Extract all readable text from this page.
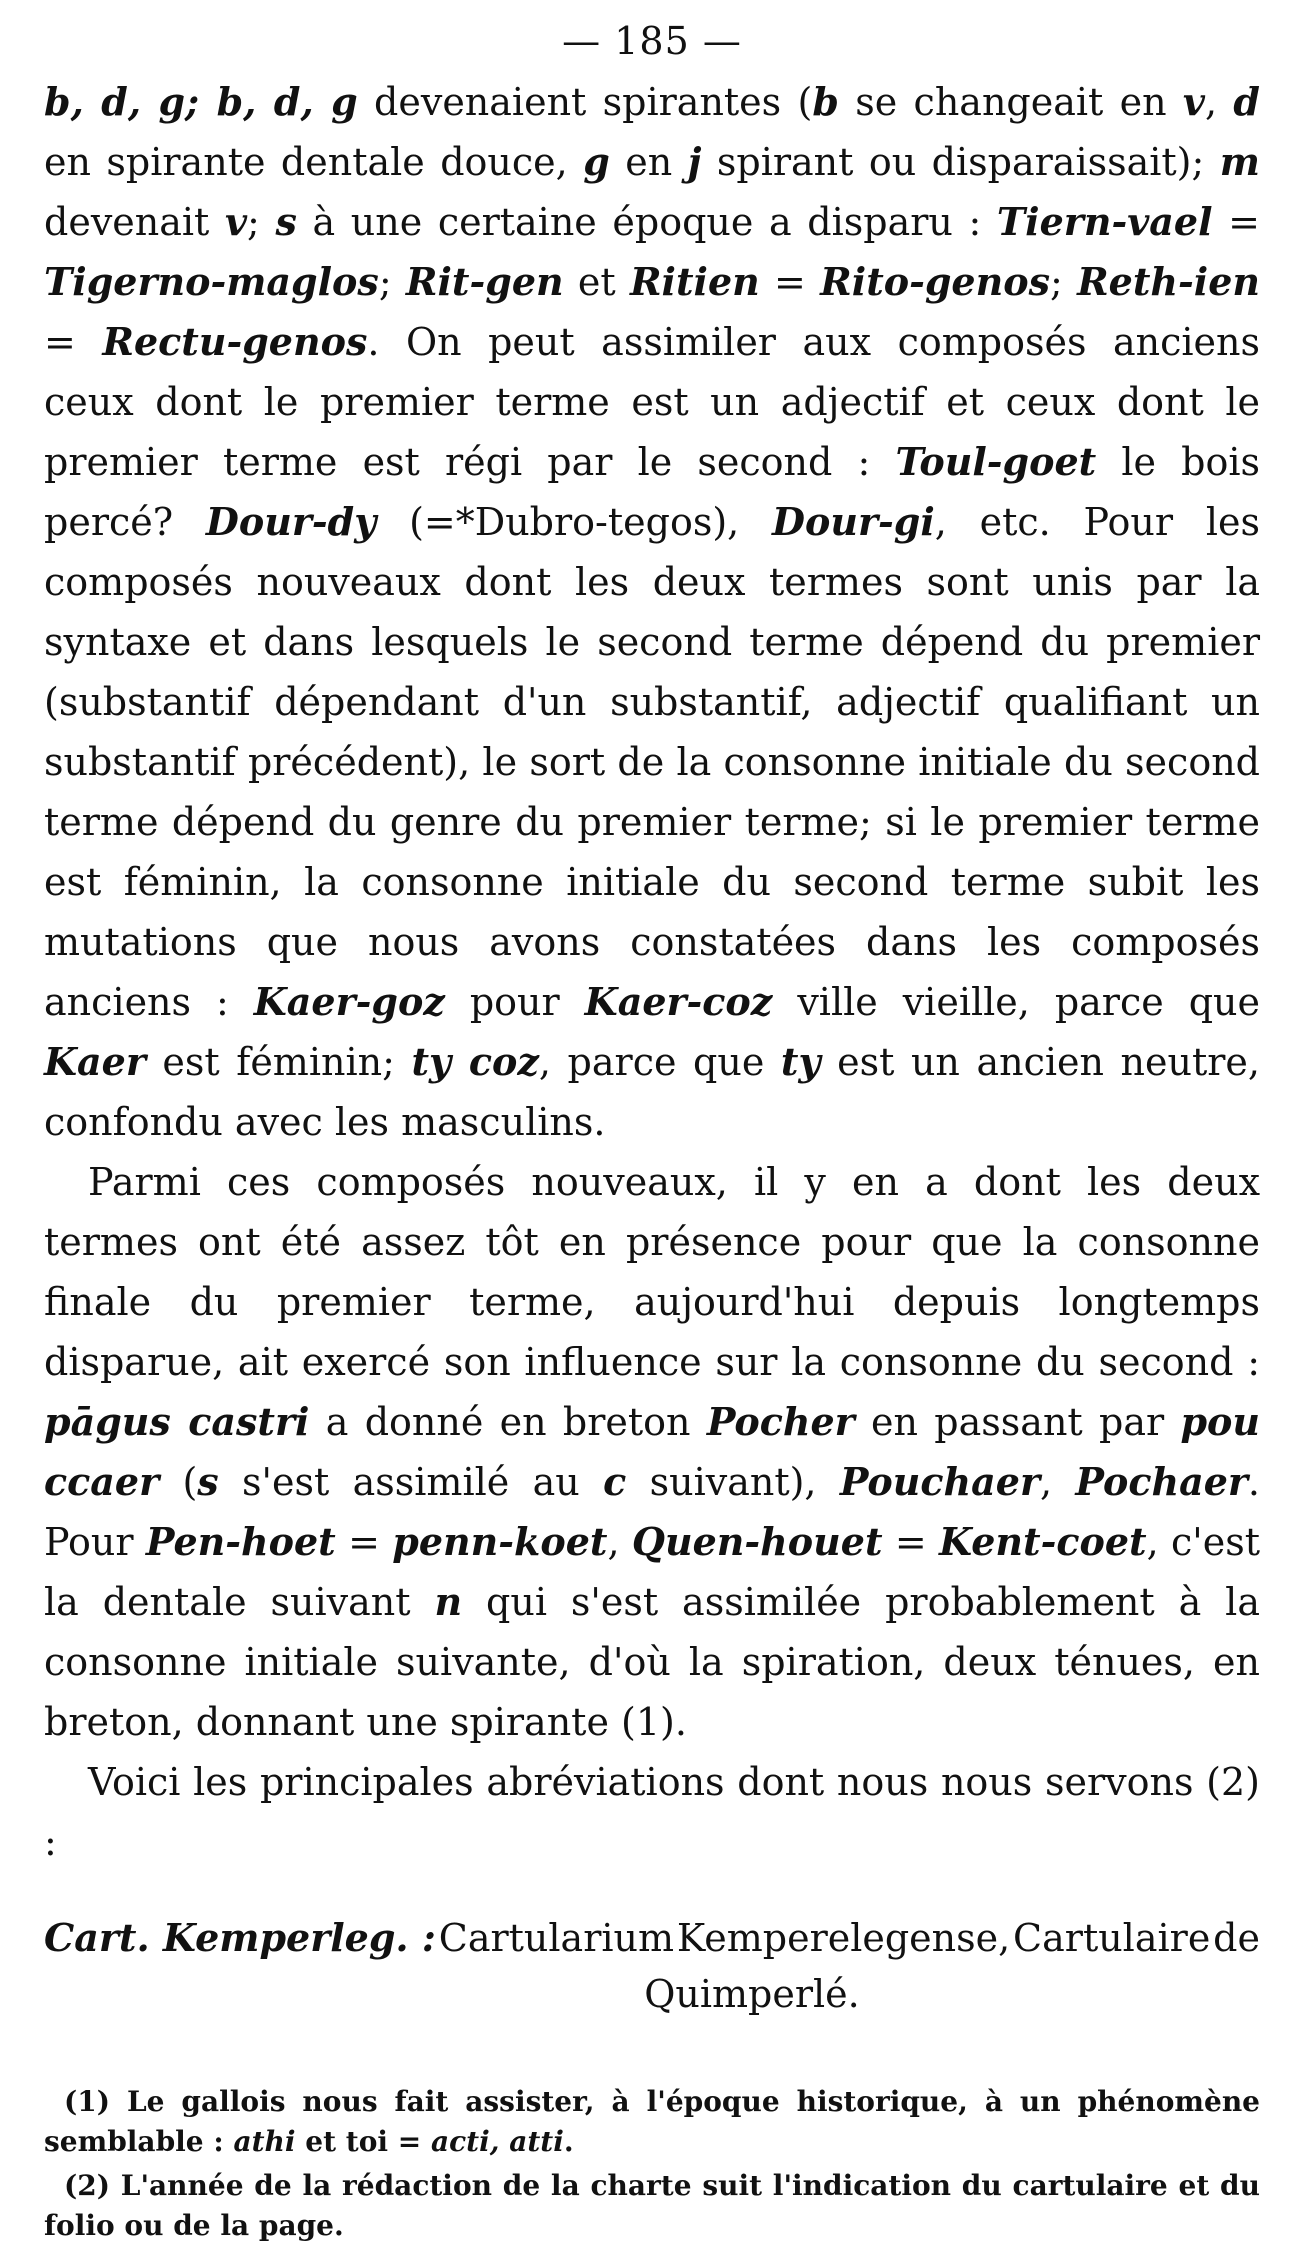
— 185 —

b, d, g; b, d, g devenaient spirantes (b se changeait en v, d en spirante dentale douce, g en j spirant ou disparaissait); m devenait v; s à une certaine époque a disparu : Tiern-vael = Tigerno-maglos; Rit-gen et Ritien = Rito-genos; Reth-ien = Rectu-genos. On peut assimiler aux composés anciens ceux dont le premier terme est un adjectif et ceux dont le premier terme est régi par le second : Toul-goet le bois percé? Dour-dy (=*Dubro-tegos), Dour-gi, etc. Pour les composés nouveaux dont les deux termes sont unis par la syntaxe et dans lesquels le second terme dépend du premier (substantif dépendant d'un substantif, adjectif qualifiant un substantif précédent), le sort de la consonne initiale du second terme dépend du genre du premier terme; si le premier terme est féminin, la consonne initiale du second terme subit les mutations que nous avons constatées dans les composés anciens : Kaer-goz pour Kaer-coz ville vieille, parce que Kaer est féminin; ty coz, parce que ty est un ancien neutre, confondu avec les masculins.

Parmi ces composés nouveaux, il y en a dont les deux termes ont été assez tôt en présence pour que la consonne finale du premier terme, aujourd'hui depuis longtemps disparue, ait exercé son influence sur la consonne du second : pāgus castri a donné en breton Pocher en passant par pou ccaer (s s'est assimilé au c suivant), Pouchaer, Pochaer. Pour Pen-hoet = penn-koet, Quen-houet = Kent-coet, c'est la dentale suivant n qui s'est assimilée probablement à la consonne initiale suivante, d'où la spiration, deux ténues, en breton, donnant une spirante (1).

Voici les principales abréviations dont nous nous servons (2) :

Cart. Kemperleg. : Cartularium Kemperelegense, Cartulaire de
Quimperlé.

(1) Le gallois nous fait assister, à l'époque historique, à un phénomène semblable : athi et toi = acti, atti.

(2) L'année de la rédaction de la charte suit l'indication du cartulaire et du folio ou de la page.
